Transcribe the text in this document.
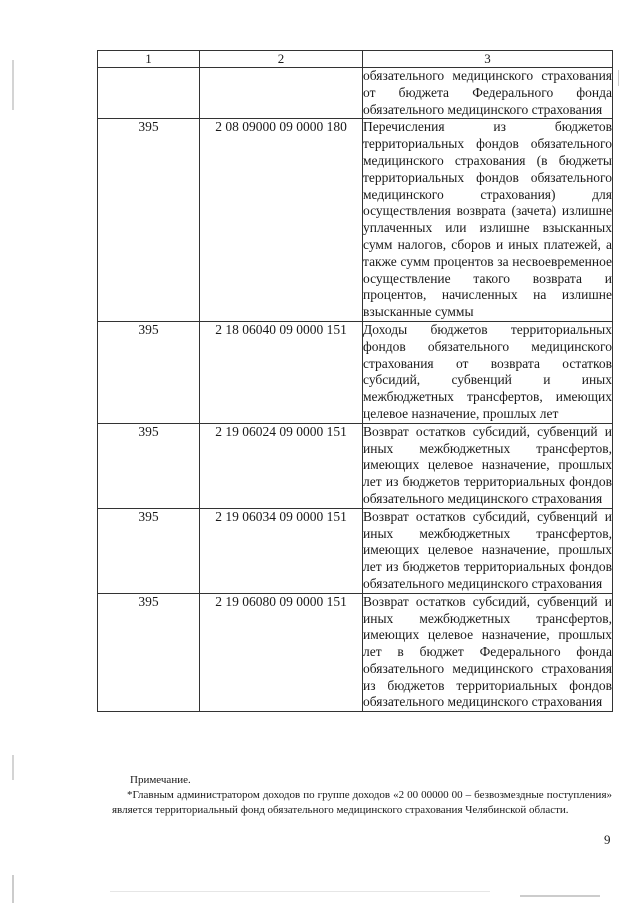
1	2	3
		обязательного медицинского страхования от бюджета Федерального фонда обязательного медицинского страхования
395	2 08 09000 09 0000 180	Перечисления из бюджетов территориальных фондов обязательного медицинского страхования (в бюджеты территориальных фондов обязательного медицинского страхования) для осуществления возврата (зачета) излишне уплаченных или излишне взысканных сумм налогов, сборов и иных платежей, а также сумм процентов за несвоевременное осуществление такого возврата и процентов, начисленных на излишне взысканные суммы
395	2 18 06040 09 0000 151	Доходы бюджетов территориальных фондов обязательного медицинского страхования от возврата остатков субсидий, субвенций и иных межбюджетных трансфертов, имеющих целевое назначение, прошлых лет
395	2 19 06024 09 0000 151	Возврат остатков субсидий, субвенций и иных межбюджетных трансфертов, имеющих целевое назначение, прошлых лет из бюджетов территориальных фондов обязательного медицинского страхования
395	2 19 06034 09 0000 151	Возврат остатков субсидий, субвенций и иных межбюджетных трансфертов, имеющих целевое назначение, прошлых лет из бюджетов территориальных фондов обязательного медицинского страхования
395	2 19 06080 09 0000 151	Возврат остатков субсидий, субвенций и иных межбюджетных трансфертов, имеющих целевое назначение, прошлых лет в бюджет Федерального фонда обязательного медицинского страхования из бюджетов территориальных фондов обязательного медицинского страхования
Примечание.
*Главным администратором доходов по группе доходов «2 00 00000 00 – безвозмездные поступления» является территориальный фонд обязательного медицинского страхования Челябинской области.
9
